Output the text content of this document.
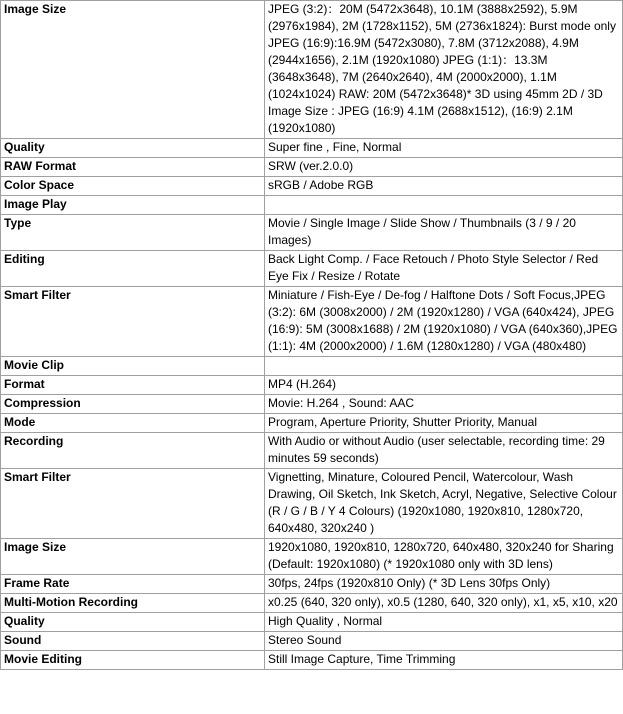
Image Size	JPEG (3:2)：20M (5472x3648), 10.1M (3888x2592), 5.9M (2976x1984), 2M (1728x1152), 5M (2736x1824): Burst mode only JPEG (16:9):16.9M (5472x3080), 7.8M (3712x2088), 4.9M (2944x1656), 2.1M (1920x1080) JPEG (1:1)：13.3M (3648x3648), 7M (2640x2640), 4M (2000x2000), 1.1M (1024x1024) RAW: 20M (5472x3648)* 3D using 45mm 2D / 3D Image Size : JPEG (16:9) 4.1M (2688x1512), (16:9) 2.1M (1920x1080)
Quality	Super fine , Fine, Normal
RAW Format	SRW (ver.2.0.0)
Color Space	sRGB / Adobe RGB
Image Play	
Type	Movie / Single Image / Slide Show / Thumbnails (3 / 9 / 20 Images)
Editing	Back Light Comp. / Face Retouch / Photo Style Selector / Red Eye Fix / Resize / Rotate
Smart Filter	Miniature / Fish-Eye / De-fog / Halftone Dots / Soft Focus,JPEG (3:2): 6M (3008x2000) / 2M (1920x1280) / VGA (640x424), JPEG (16:9): 5M (3008x1688) / 2M (1920x1080) / VGA (640x360),JPEG (1:1): 4M (2000x2000) / 1.6M (1280x1280) / VGA (480x480)
Movie Clip	
Format	MP4 (H.264)
Compression	Movie: H.264 , Sound: AAC
Mode	Program, Aperture Priority, Shutter Priority, Manual
Recording	With Audio or without Audio (user selectable, recording time: 29 minutes 59 seconds)
Smart Filter	Vignetting, Minature, Coloured Pencil, Watercolour, Wash Drawing, Oil Sketch, Ink Sketch, Acryl, Negative, Selective Colour (R / G / B / Y 4 Colours) (1920x1080, 1920x810, 1280x720, 640x480, 320x240 )
Image Size	1920x1080, 1920x810, 1280x720, 640x480, 320x240 for Sharing (Default: 1920x1080) (* 1920x1080 only with 3D lens)
Frame Rate	30fps, 24fps (1920x810 Only) (* 3D Lens 30fps Only)
Multi-Motion Recording	x0.25 (640, 320 only), x0.5 (1280, 640, 320 only), x1, x5, x10, x20
Quality	High Quality , Normal
Sound	Stereo Sound
Movie Editing	Still Image Capture, Time Trimming
